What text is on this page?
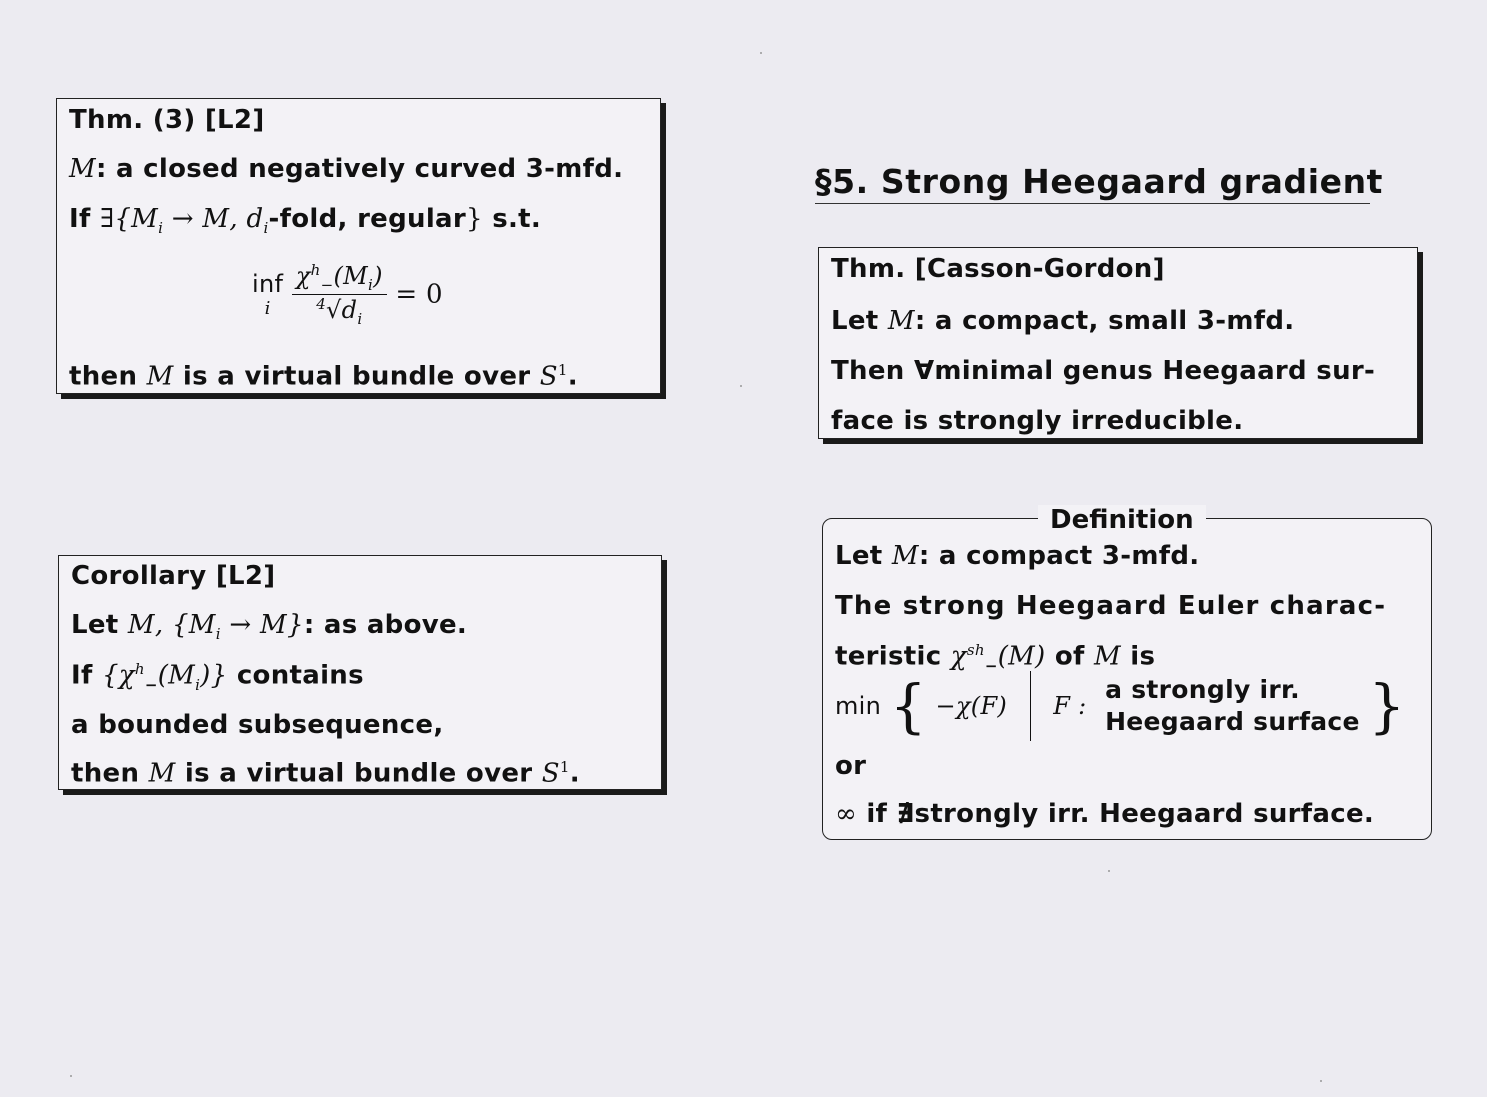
Thm. (3) [L2]
M: a closed negatively curved 3-mfd.
If $\exists\{M_i \to M$, $d_i$-fold, regular} s.t.
inf
i
$\frac{\chi^h_-(M_i)}{^4√d_i} = 0$
then M is a virtual bundle over $S^1$.
Corollary [L2]
Let M, $\{M_i \to M\}$: as above.
If $\{\chi^h_-(M_i)\}$ contains
a bounded subsequence,
then M is a virtual bundle over $S^1$.
§5. Strong Heegaard gradient
Thm. [Casson-Gordon]
Let M: a compact, small 3-mfd.
Then ∀minimal genus Heegaard sur-
face is strongly irreducible.
Definition
Let M: a compact 3-mfd.
The strong Heegaard Euler charac-
teristic $\chi^{sh}_-(M)$ of M is
min { −χ(F) F :
a strongly irr.
Heegaard surface }
or
∞ if ∄strongly irr. Heegaard surface.
